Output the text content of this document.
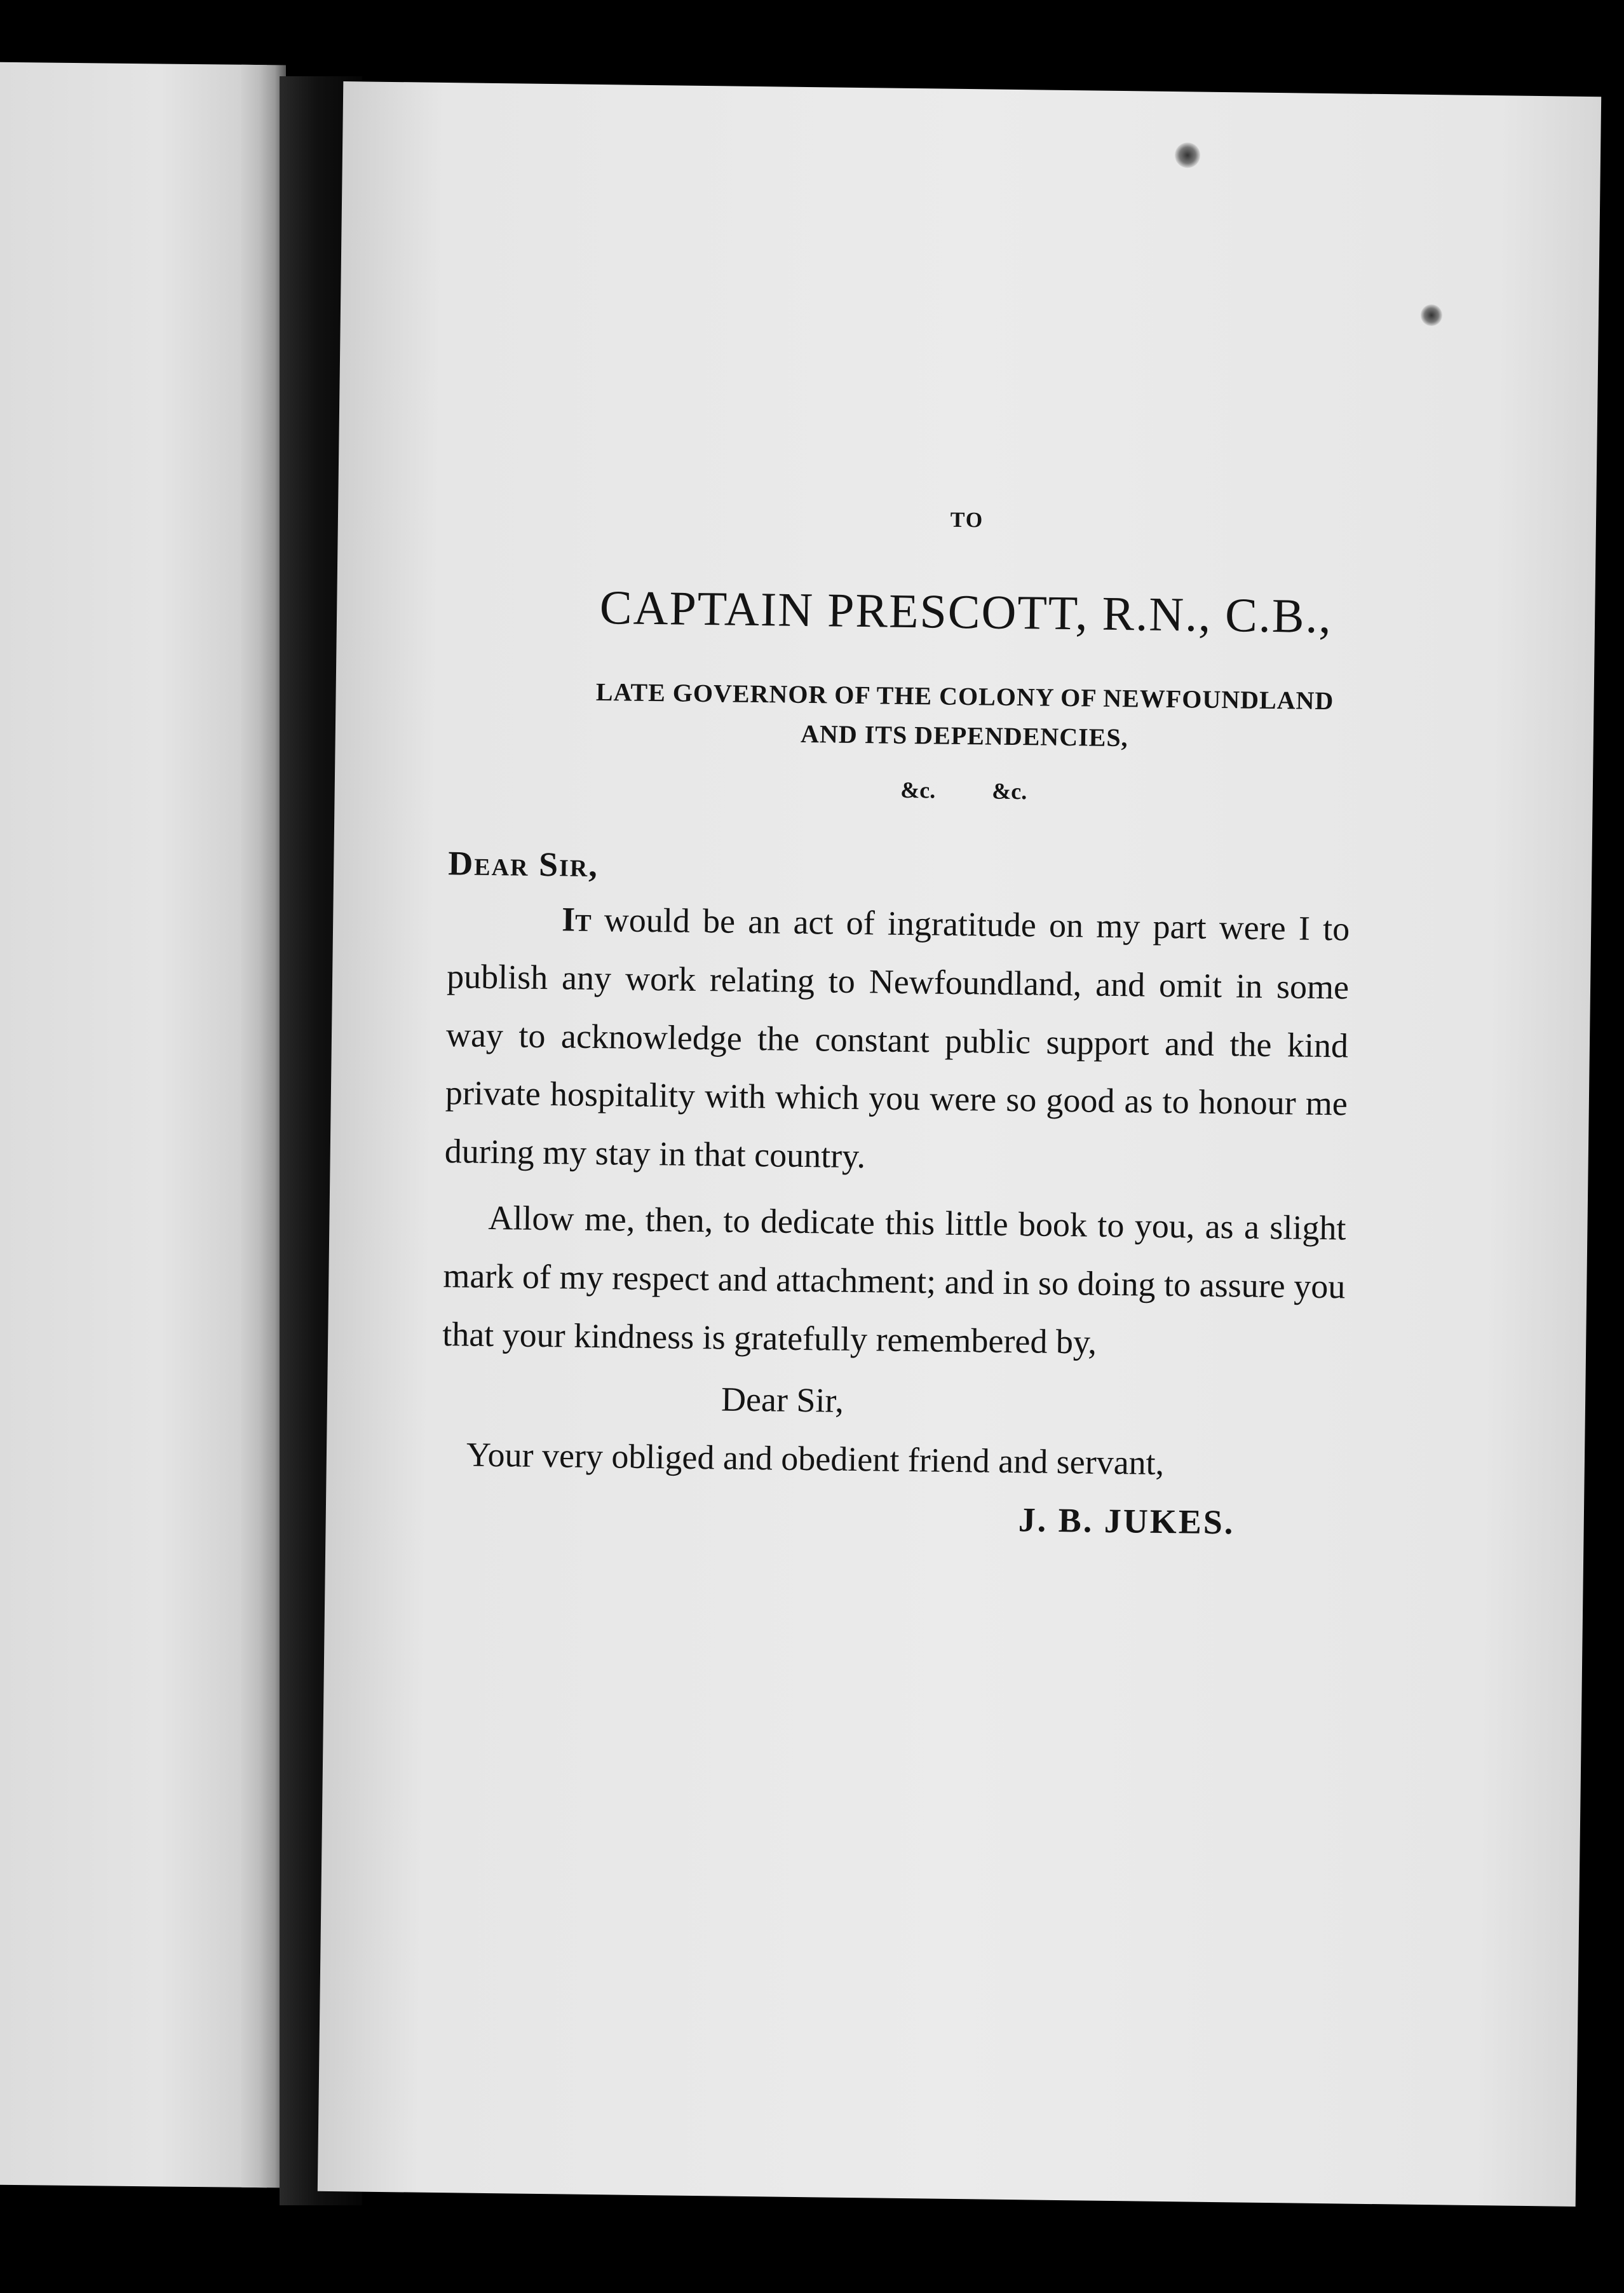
TO
CAPTAIN PRESCOTT, R.N., C.B.,
LATE GOVERNOR OF THE COLONY OF NEWFOUNDLAND
AND ITS DEPENDENCIES,
&c. &c.
Dear Sir,

It would be an act of ingratitude on my part were I to publish any work relating to Newfoundland, and omit in some way to acknowledge the constant public support and the kind private hospitality with which you were so good as to honour me during my stay in that country.

Allow me, then, to dedicate this little book to you, as a slight mark of my respect and attachment; and in so doing to assure you that your kindness is gratefully remembered by,

Dear Sir,
Your very obliged and obedient friend and servant,
J. B. JUKES.
